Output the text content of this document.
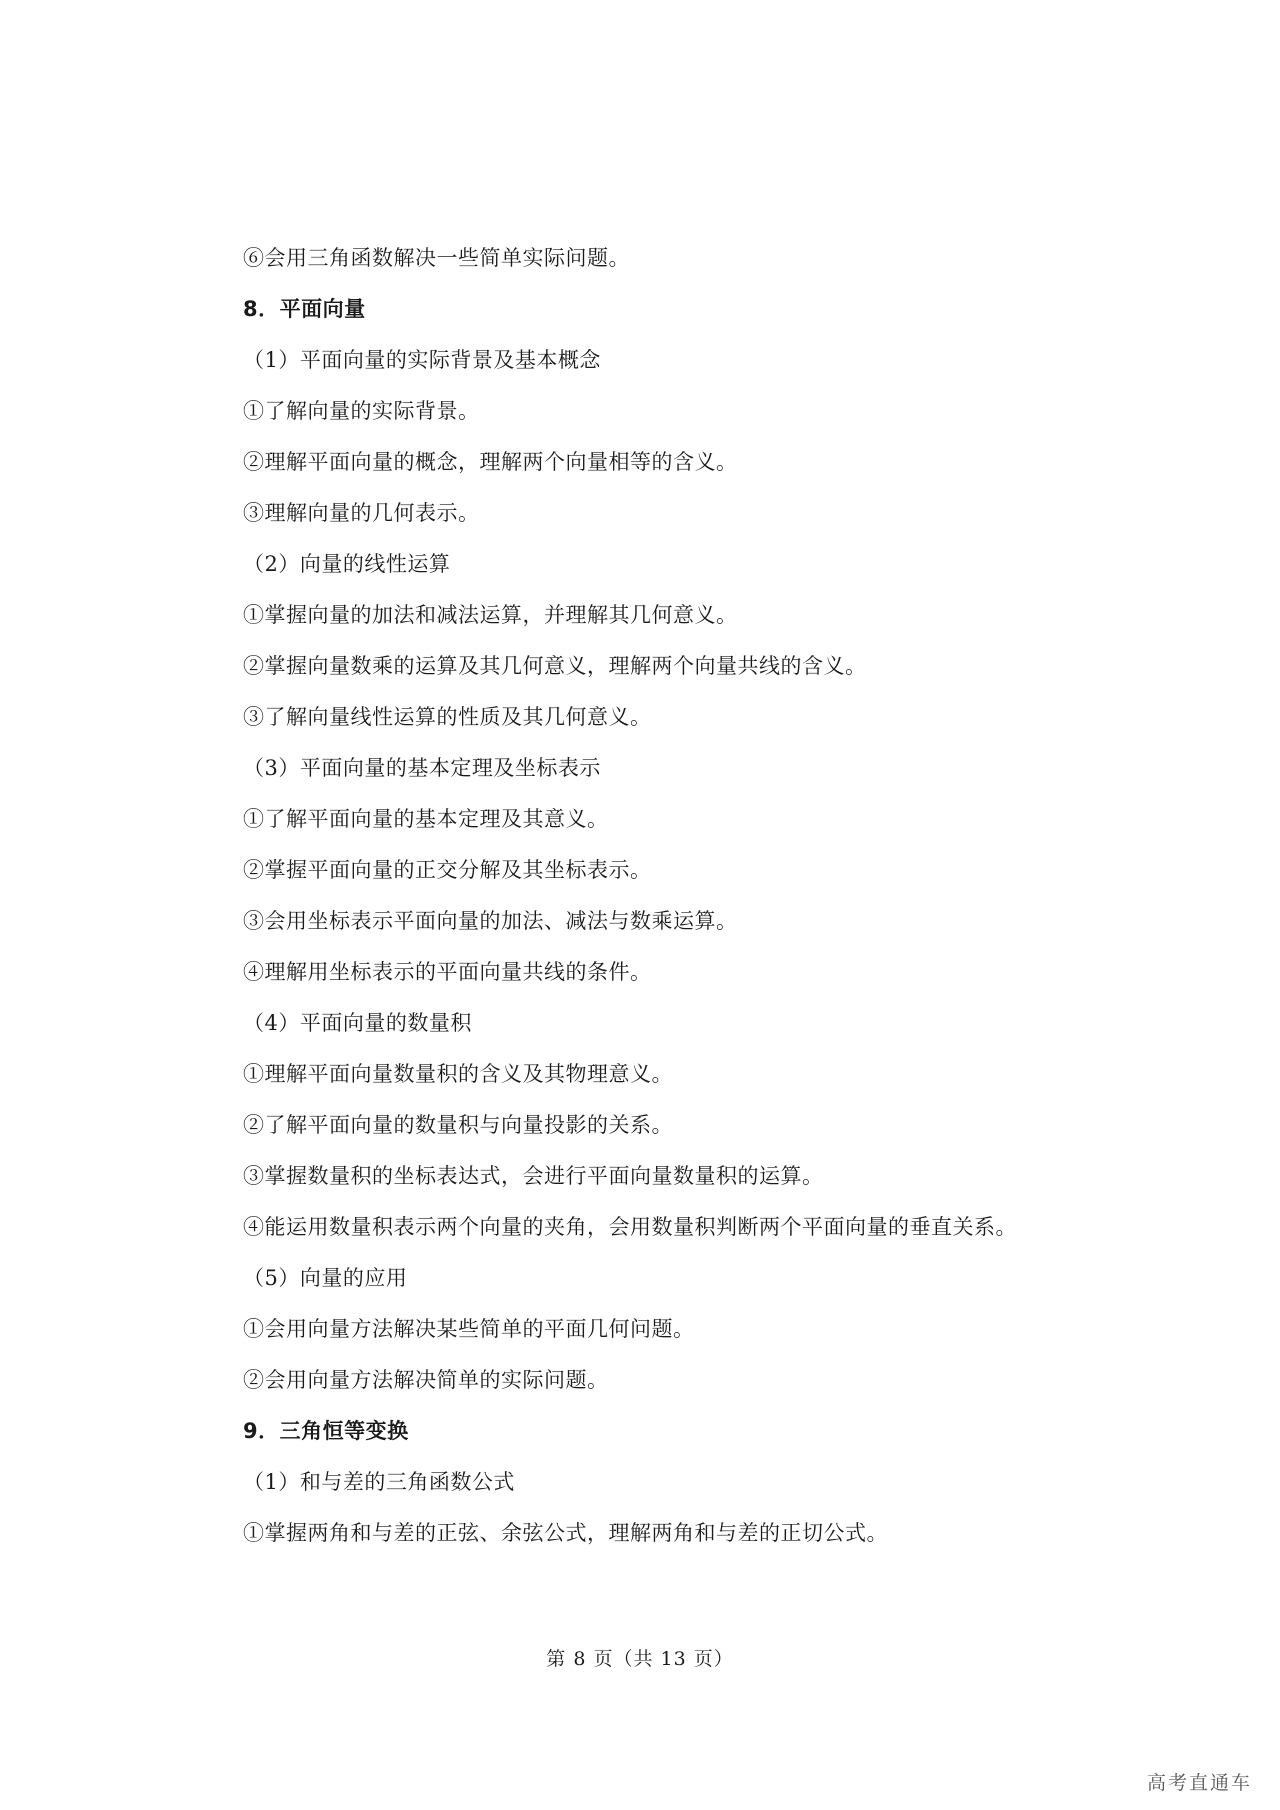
⑥会用三角函数解决一些简单实际问题。
8．平面向量
（1）平面向量的实际背景及基本概念
①了解向量的实际背景。
②理解平面向量的概念，理解两个向量相等的含义。
③理解向量的几何表示。
（2）向量的线性运算
①掌握向量的加法和减法运算，并理解其几何意义。
②掌握向量数乘的运算及其几何意义，理解两个向量共线的含义。
③了解向量线性运算的性质及其几何意义。
（3）平面向量的基本定理及坐标表示
①了解平面向量的基本定理及其意义。
②掌握平面向量的正交分解及其坐标表示。
③会用坐标表示平面向量的加法、减法与数乘运算。
④理解用坐标表示的平面向量共线的条件。
（4）平面向量的数量积
①理解平面向量数量积的含义及其物理意义。
②了解平面向量的数量积与向量投影的关系。
③掌握数量积的坐标表达式，会进行平面向量数量积的运算。
④能运用数量积表示两个向量的夹角，会用数量积判断两个平面向量的垂直关系。
（5）向量的应用
①会用向量方法解决某些简单的平面几何问题。
②会用向量方法解决简单的实际问题。
9．三角恒等变换
（1）和与差的三角函数公式
①掌握两角和与差的正弦、余弦公式，理解两角和与差的正切公式。
第 8 页（共 13 页）
高考直通车
